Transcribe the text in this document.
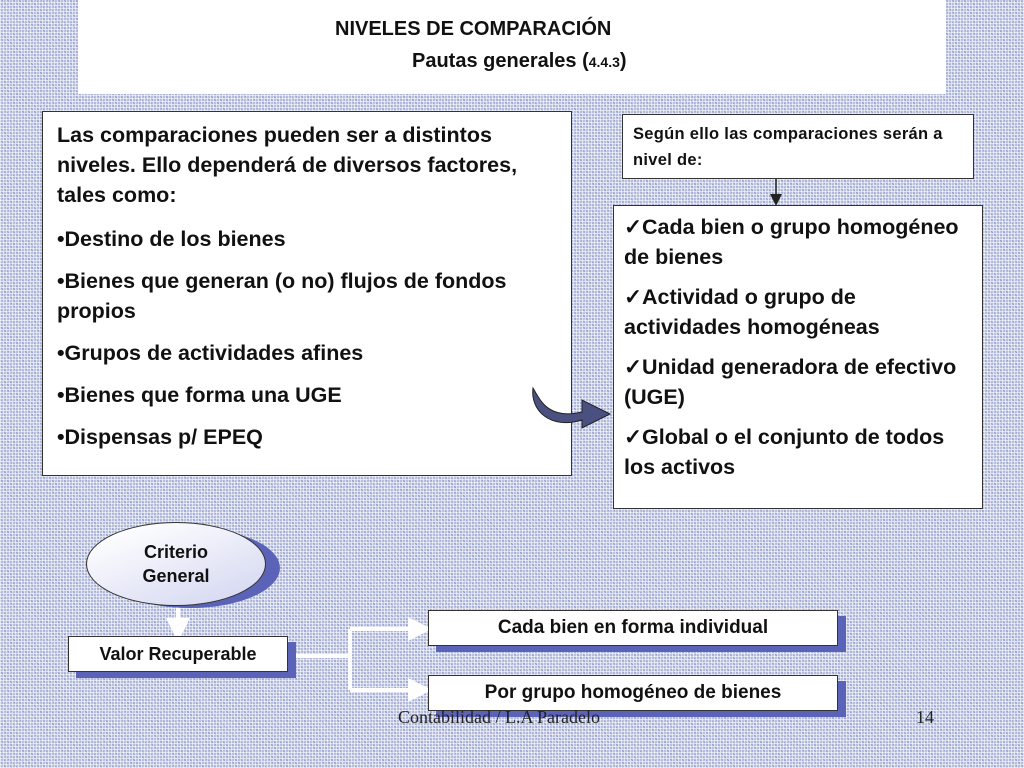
NIVELES DE COMPARACIÓN
Pautas generales (4.4.3)

Las comparaciones pueden ser a distintos niveles. Ello dependerá de diversos factores, tales como:

•Destino de los bienes

•Bienes que generan (o no) flujos de fondos propios

•Grupos de actividades afines

•Bienes que forma una UGE

•Dispensas p/ EPEQ

Según ello las comparaciones serán a nivel de:

✓Cada bien o grupo homogéneo de bienes

✓Actividad o grupo de actividades homogéneas

✓Unidad generadora de efectivo (UGE)

✓Global o el conjunto de todos los activos

Criterio
General
Valor Recuperable
Cada bien en forma individual
Por grupo homogéneo de bienes
Contabilidad / L.A Paradelo	14
